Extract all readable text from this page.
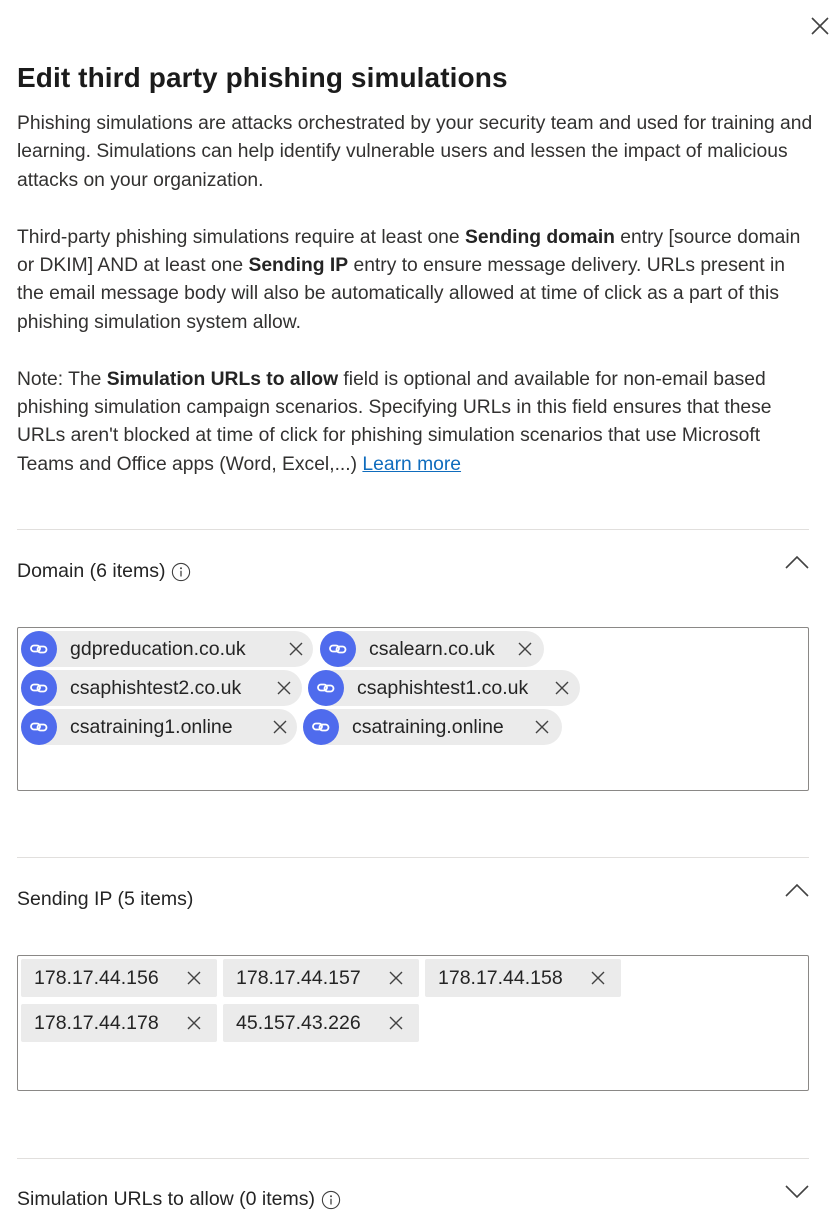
Edit third party phishing simulations

Phishing simulations are attacks orchestrated by your security team and used for training and learning. Simulations can help identify vulnerable users and lessen the impact of malicious attacks on your organization.

Third-party phishing simulations require at least one Sending domain entry [source domain or DKIM] AND at least one Sending IP entry to ensure message delivery. URLs present in the email message body will also be automatically allowed at time of click as a part of this phishing simulation system allow.

Note: The Simulation URLs to allow field is optional and available for non-email based phishing simulation campaign scenarios. Specifying URLs in this field ensures that these URLs aren't blocked at time of click for phishing simulation scenarios that use Microsoft Teams and Office apps (Word, Excel,...) Learn more

Domain (6 items)
gdpreducation.co.uk	csalearn.co.uk
csaphishtest2.co.uk	csaphishtest1.co.uk
csatraining1.online	csatraining.online
Sending IP (5 items)
178.17.44.156	178.17.44.157	178.17.44.158
178.17.44.178	45.157.43.226
Simulation URLs to allow (0 items)
